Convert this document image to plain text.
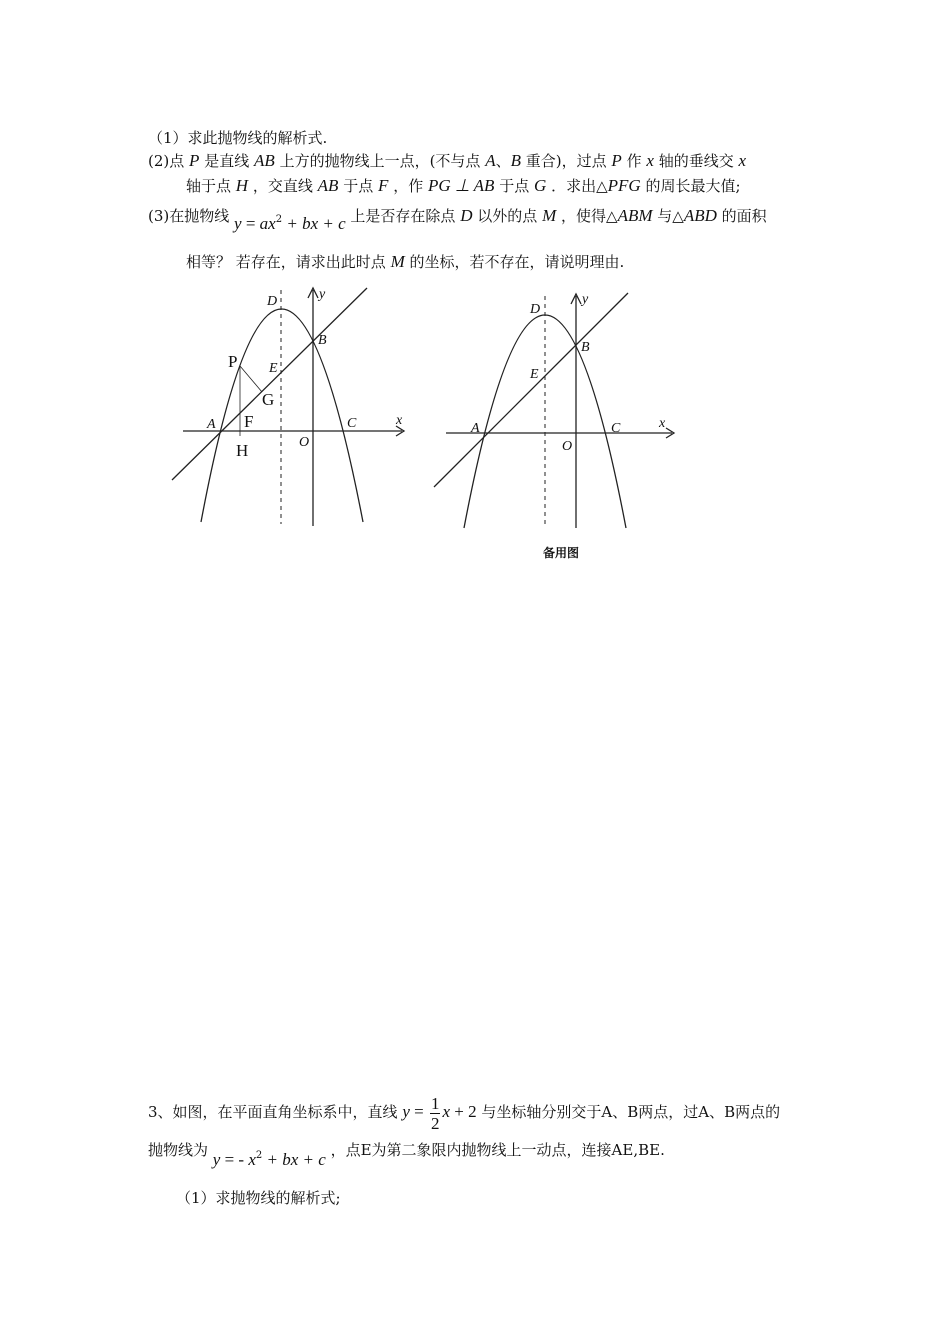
（1）求此抛物线的解析式.
(2)点 P 是直线 AB 上方的抛物线上一点，(不与点 A、B 重合)，过点 P 作 x 轴的垂线交 x
轴于点 H ，交直线 AB 于点 F ，作 PG ⊥ AB 于点 G ．求出△PFG 的周长最大值;
(3)在抛物线 $y = ax^2$ + bx + c 上是否存在除点 D 以外的点 M ，使得△ABM 与△ABD 的面积
相等？ 若存在，请求出此时点 M 的坐标，若不存在，请说明理由.
D	y
B
E
A	x
C
O
P
G
F
H
D
y
B
E
A	x
C
O
备用图
3、如图，在平面直角坐标系中，直线 $y = \frac{1}{2}$ x + 2 与坐标轴分别交于A、B两点，过A、B两点的
抛物线为 y = - $x^2$ + bx + c ，点E为第二象限内抛物线上一动点，连接AE,BE.
（1）求抛物线的解析式;
